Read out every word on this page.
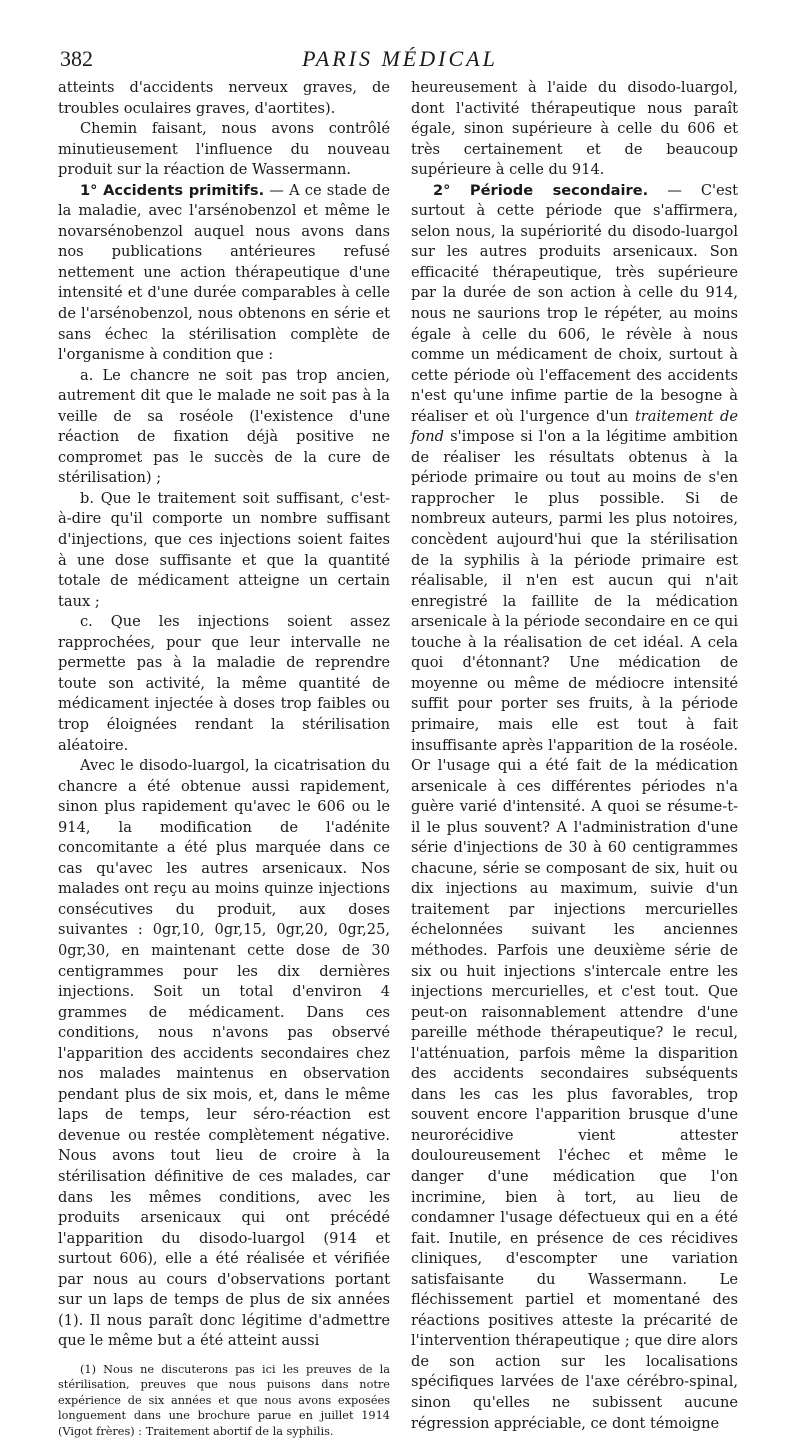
382	PARIS MÉDICAL

atteints d'accidents nerveux graves, de troubles oculaires graves, d'aortites).

Chemin faisant, nous avons contrôlé minutieusement l'influence du nouveau produit sur la réaction de Wassermann.

1° Accidents primitifs. — A ce stade de la maladie, avec l'arsénobenzol et même le novarsénobenzol auquel nous avons dans nos publications antérieures refusé nettement une action thérapeutique d'une intensité et d'une durée comparables à celle de l'arsénobenzol, nous obtenons en série et sans échec la stérilisation complète de l'organisme à condition que :

a. Le chancre ne soit pas trop ancien, autrement dit que le malade ne soit pas à la veille de sa roséole (l'existence d'une réaction de fixation déjà positive ne compromet pas le succès de la cure de stérilisation) ;

b. Que le traitement soit suffisant, c'est-à-dire qu'il comporte un nombre suffisant d'injections, que ces injections soient faites à une dose suffisante et que la quantité totale de médicament atteigne un certain taux ;

c. Que les injections soient assez rapprochées, pour que leur intervalle ne permette pas à la maladie de reprendre toute son activité, la même quantité de médicament injectée à doses trop faibles ou trop éloignées rendant la stérilisation aléatoire.

Avec le disodo-luargol, la cicatrisation du chancre a été obtenue aussi rapidement, sinon plus rapidement qu'avec le 606 ou le 914, la modification de l'adénite concomitante a été plus marquée dans ce cas qu'avec les autres arsenicaux. Nos malades ont reçu au moins quinze injections consécutives du produit, aux doses suivantes : 0gr,10, 0gr,15, 0gr,20, 0gr,25, 0gr,30, en maintenant cette dose de 30 centigrammes pour les dix dernières injections. Soit un total d'environ 4 grammes de médicament. Dans ces conditions, nous n'avons pas observé l'apparition des accidents secondaires chez nos malades maintenus en observation pendant plus de six mois, et, dans le même laps de temps, leur séro-réaction est devenue ou restée complètement négative. Nous avons tout lieu de croire à la stérilisation définitive de ces malades, car dans les mêmes conditions, avec les produits arsenicaux qui ont précédé l'apparition du disodo-luargol (914 et surtout 606), elle a été réalisée et vérifiée par nous au cours d'observations portant sur un laps de temps de plus de six années (1). Il nous paraît donc légitime d'admettre que le même but a été atteint aussi

(1) Nous ne discuterons pas ici les preuves de la stérilisation, preuves que nous puisons dans notre expérience de six années et que nous avons exposées longuement dans une brochure parue en juillet 1914 (Vigot frères) : Traitement abortif de la syphilis.

heureusement à l'aide du disodo-luargol, dont l'activité thérapeutique nous paraît égale, sinon supérieure à celle du 606 et très certainement et de beaucoup supérieure à celle du 914.

2° Période secondaire. — C'est surtout à cette période que s'affirmera, selon nous, la supériorité du disodo-luargol sur les autres produits arsenicaux. Son efficacité thérapeutique, très supérieure par la durée de son action à celle du 914, nous ne saurions trop le répéter, au moins égale à celle du 606, le révèle à nous comme un médicament de choix, surtout à cette période où l'effacement des accidents n'est qu'une infime partie de la besogne à réaliser et où l'urgence d'un traitement de fond s'impose si l'on a la légitime ambition de réaliser les résultats obtenus à la période primaire ou tout au moins de s'en rapprocher le plus possible. Si de nombreux auteurs, parmi les plus notoires, concèdent aujourd'hui que la stérilisation de la syphilis à la période primaire est réalisable, il n'en est aucun qui n'ait enregistré la faillite de la médication arsenicale à la période secondaire en ce qui touche à la réalisation de cet idéal. A cela quoi d'étonnant? Une médication de moyenne ou même de médiocre intensité suffit pour porter ses fruits, à la période primaire, mais elle est tout à fait insuffisante après l'apparition de la roséole. Or l'usage qui a été fait de la médication arsenicale à ces différentes périodes n'a guère varié d'intensité. A quoi se résume-t-il le plus souvent? A l'administration d'une série d'injections de 30 à 60 centigrammes chacune, série se composant de six, huit ou dix injections au maximum, suivie d'un traitement par injections mercurielles échelonnées suivant les anciennes méthodes. Parfois une deuxième série de six ou huit injections s'intercale entre les injections mercurielles, et c'est tout. Que peut-on raisonnablement attendre d'une pareille méthode thérapeutique? le recul, l'atténuation, parfois même la disparition des accidents secondaires subséquents dans les cas les plus favorables, trop souvent encore l'apparition brusque d'une neurorécidive vient attester douloureusement l'échec et même le danger d'une médication que l'on incrimine, bien à tort, au lieu de condamner l'usage défectueux qui en a été fait. Inutile, en présence de ces récidives cliniques, d'escompter une variation satisfaisante du Wassermann. Le fléchissement partiel et momentané des réactions positives atteste la précarité de l'intervention thérapeutique ; que dire alors de son action sur les localisations spécifiques larvées de l'axe cérébro-spinal, sinon qu'elles ne subissent aucune régression appréciable, ce dont témoigne
